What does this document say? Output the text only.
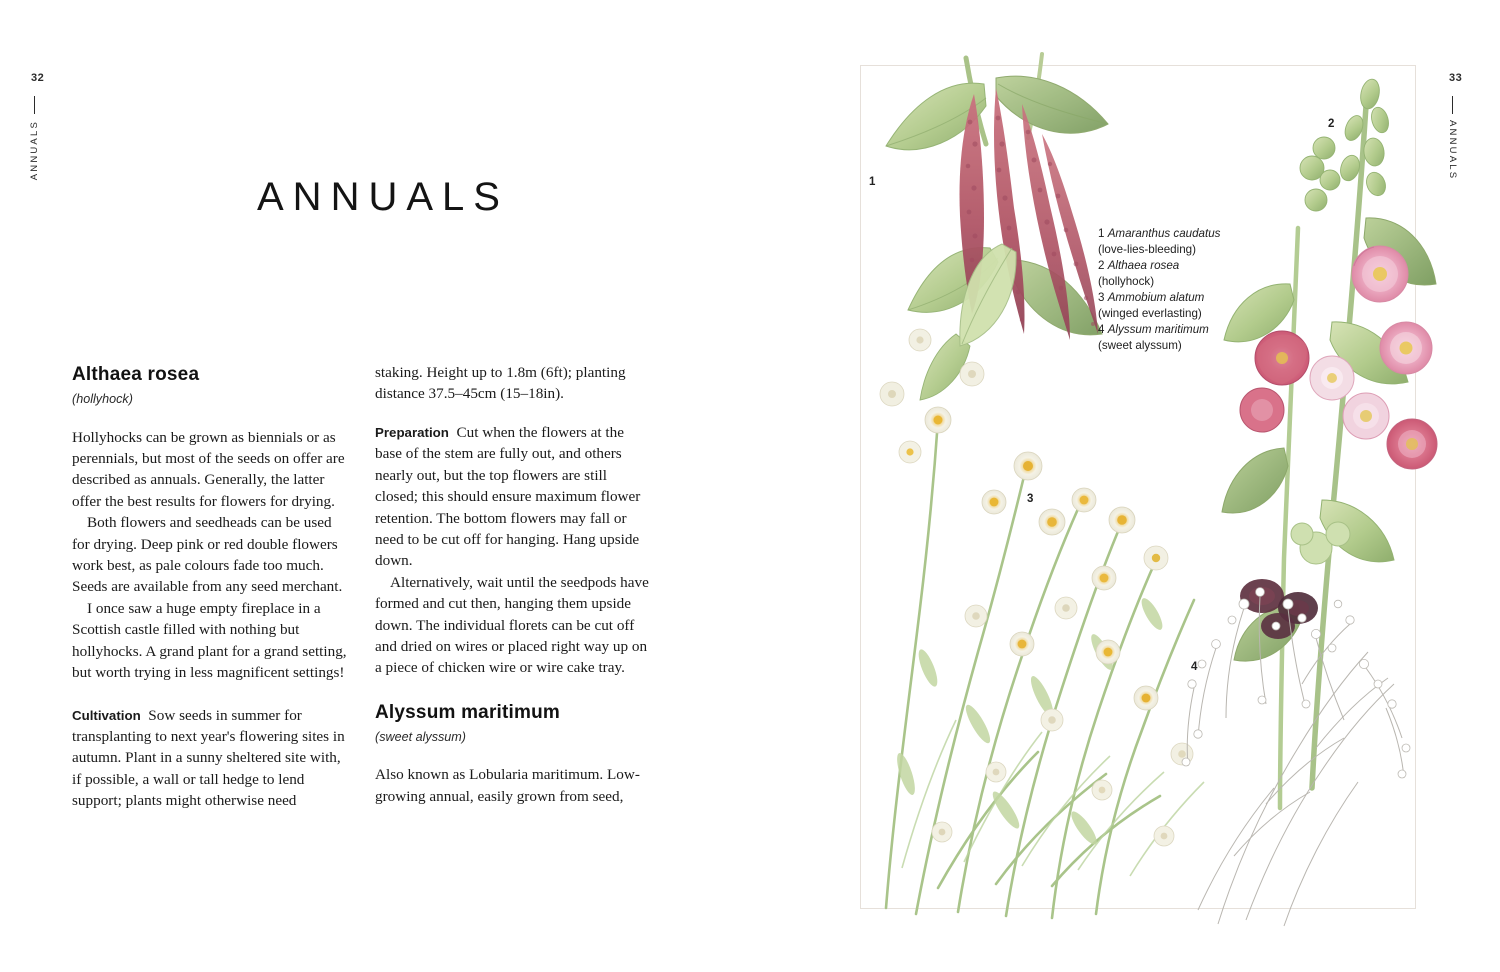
32
ANNUALS
33
ANNUALS
ANNUALS
Althaea rosea
(hollyhock)

Hollyhocks can be grown as biennials or as perennials, but most of the seeds on offer are described as annuals. Generally, the latter offer the best results for flowers for drying.

Both flowers and seedheads can be used for drying. Deep pink or red double flowers work best, as pale colours fade too much. Seeds are available from any seed merchant.

I once saw a huge empty fireplace in a Scottish castle filled with nothing but hollyhocks. A grand plant for a grand setting, but worth trying in less magnificent settings!

Cultivation Sow seeds in summer for transplanting to next year's flowering sites in autumn. Plant in a sunny sheltered site with, if possible, a wall or tall hedge to lend support; plants might otherwise need

staking. Height up to 1.8m (6ft); planting distance 37.5–45cm (15–18in).

Preparation Cut when the flowers at the base of the stem are fully out, and others nearly out, but the top flowers are still closed; this should ensure maximum flower retention. The bottom flowers may fall or need to be cut off for hanging. Hang upside down.

Alternatively, wait until the seedpods have formed and cut then, hanging them upside down. The individual florets can be cut off and dried on wires or placed right way up on a piece of chicken wire or wire cake tray.

Alyssum maritimum
(sweet alyssum)

Also known as Lobularia maritimum. Low-growing annual, easily grown from seed,

1
2
3
4
1 Amaranthus caudatus
(love-lies-bleeding)
2 Althaea rosea
(hollyhock)
3 Ammobium alatum
(winged everlasting)
4 Alyssum maritimum
(sweet alyssum)
